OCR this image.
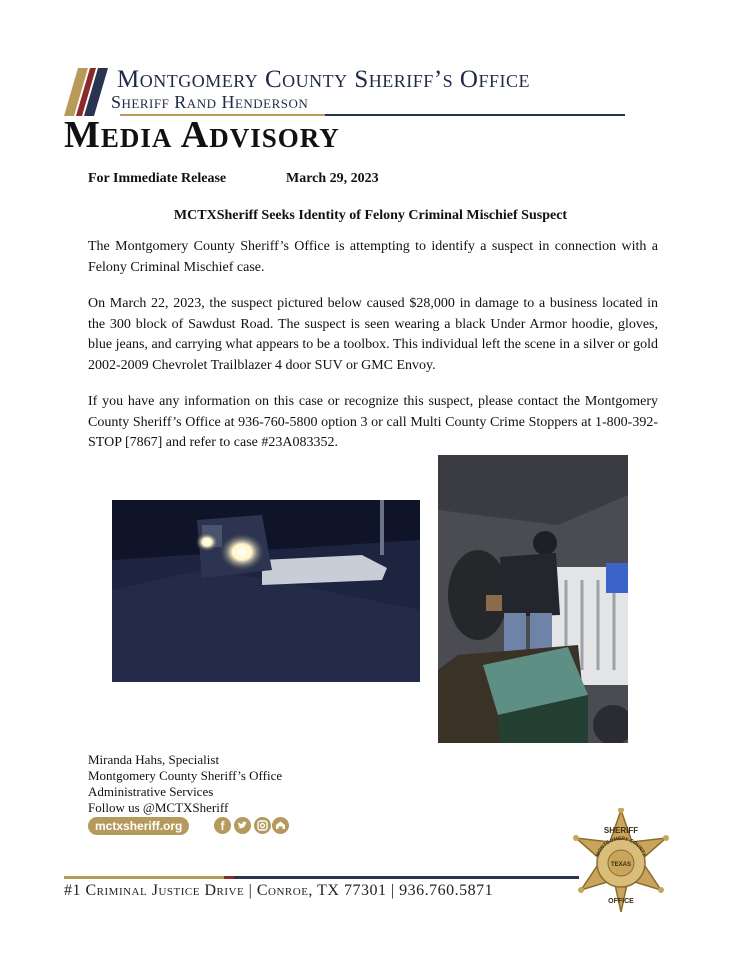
Montgomery County Sheriff’s Office
Sheriff Rand Henderson
Media Advisory
For Immediate Release	March 29, 2023
MCTXSheriff Seeks Identity of Felony Criminal Mischief Suspect
The Montgomery County Sheriff’s Office is attempting to identify a suspect in connection with a Felony Criminal Mischief case.
On March 22, 2023, the suspect pictured below caused $28,000 in damage to a business located in the 300 block of Sawdust Road. The suspect is seen wearing a black Under Armor hoodie, gloves, blue jeans, and carrying what appears to be a toolbox. This individual left the scene in a silver or gold 2002-2009 Chevrolet Trailblazer 4 door SUV or GMC Envoy.
If you have any information on this case or recognize this suspect, please contact the Montgomery County Sheriff’s Office at 936-760-5800 option 3 or call Multi County Crime Stoppers at 1-800-392-STOP [7867] and refer to case #23A083352.
Miranda Hahs, Specialist
Montgomery County Sheriff’s Office
Administrative Services
Follow us @MCTXSheriff
mctxsheriff.org	f
#1 Criminal Justice Drive | Conroe, TX 77301 | 936.760.5871
SHERIFF
MONTGOMERY COUNTY
TEXAS
OFFICE
